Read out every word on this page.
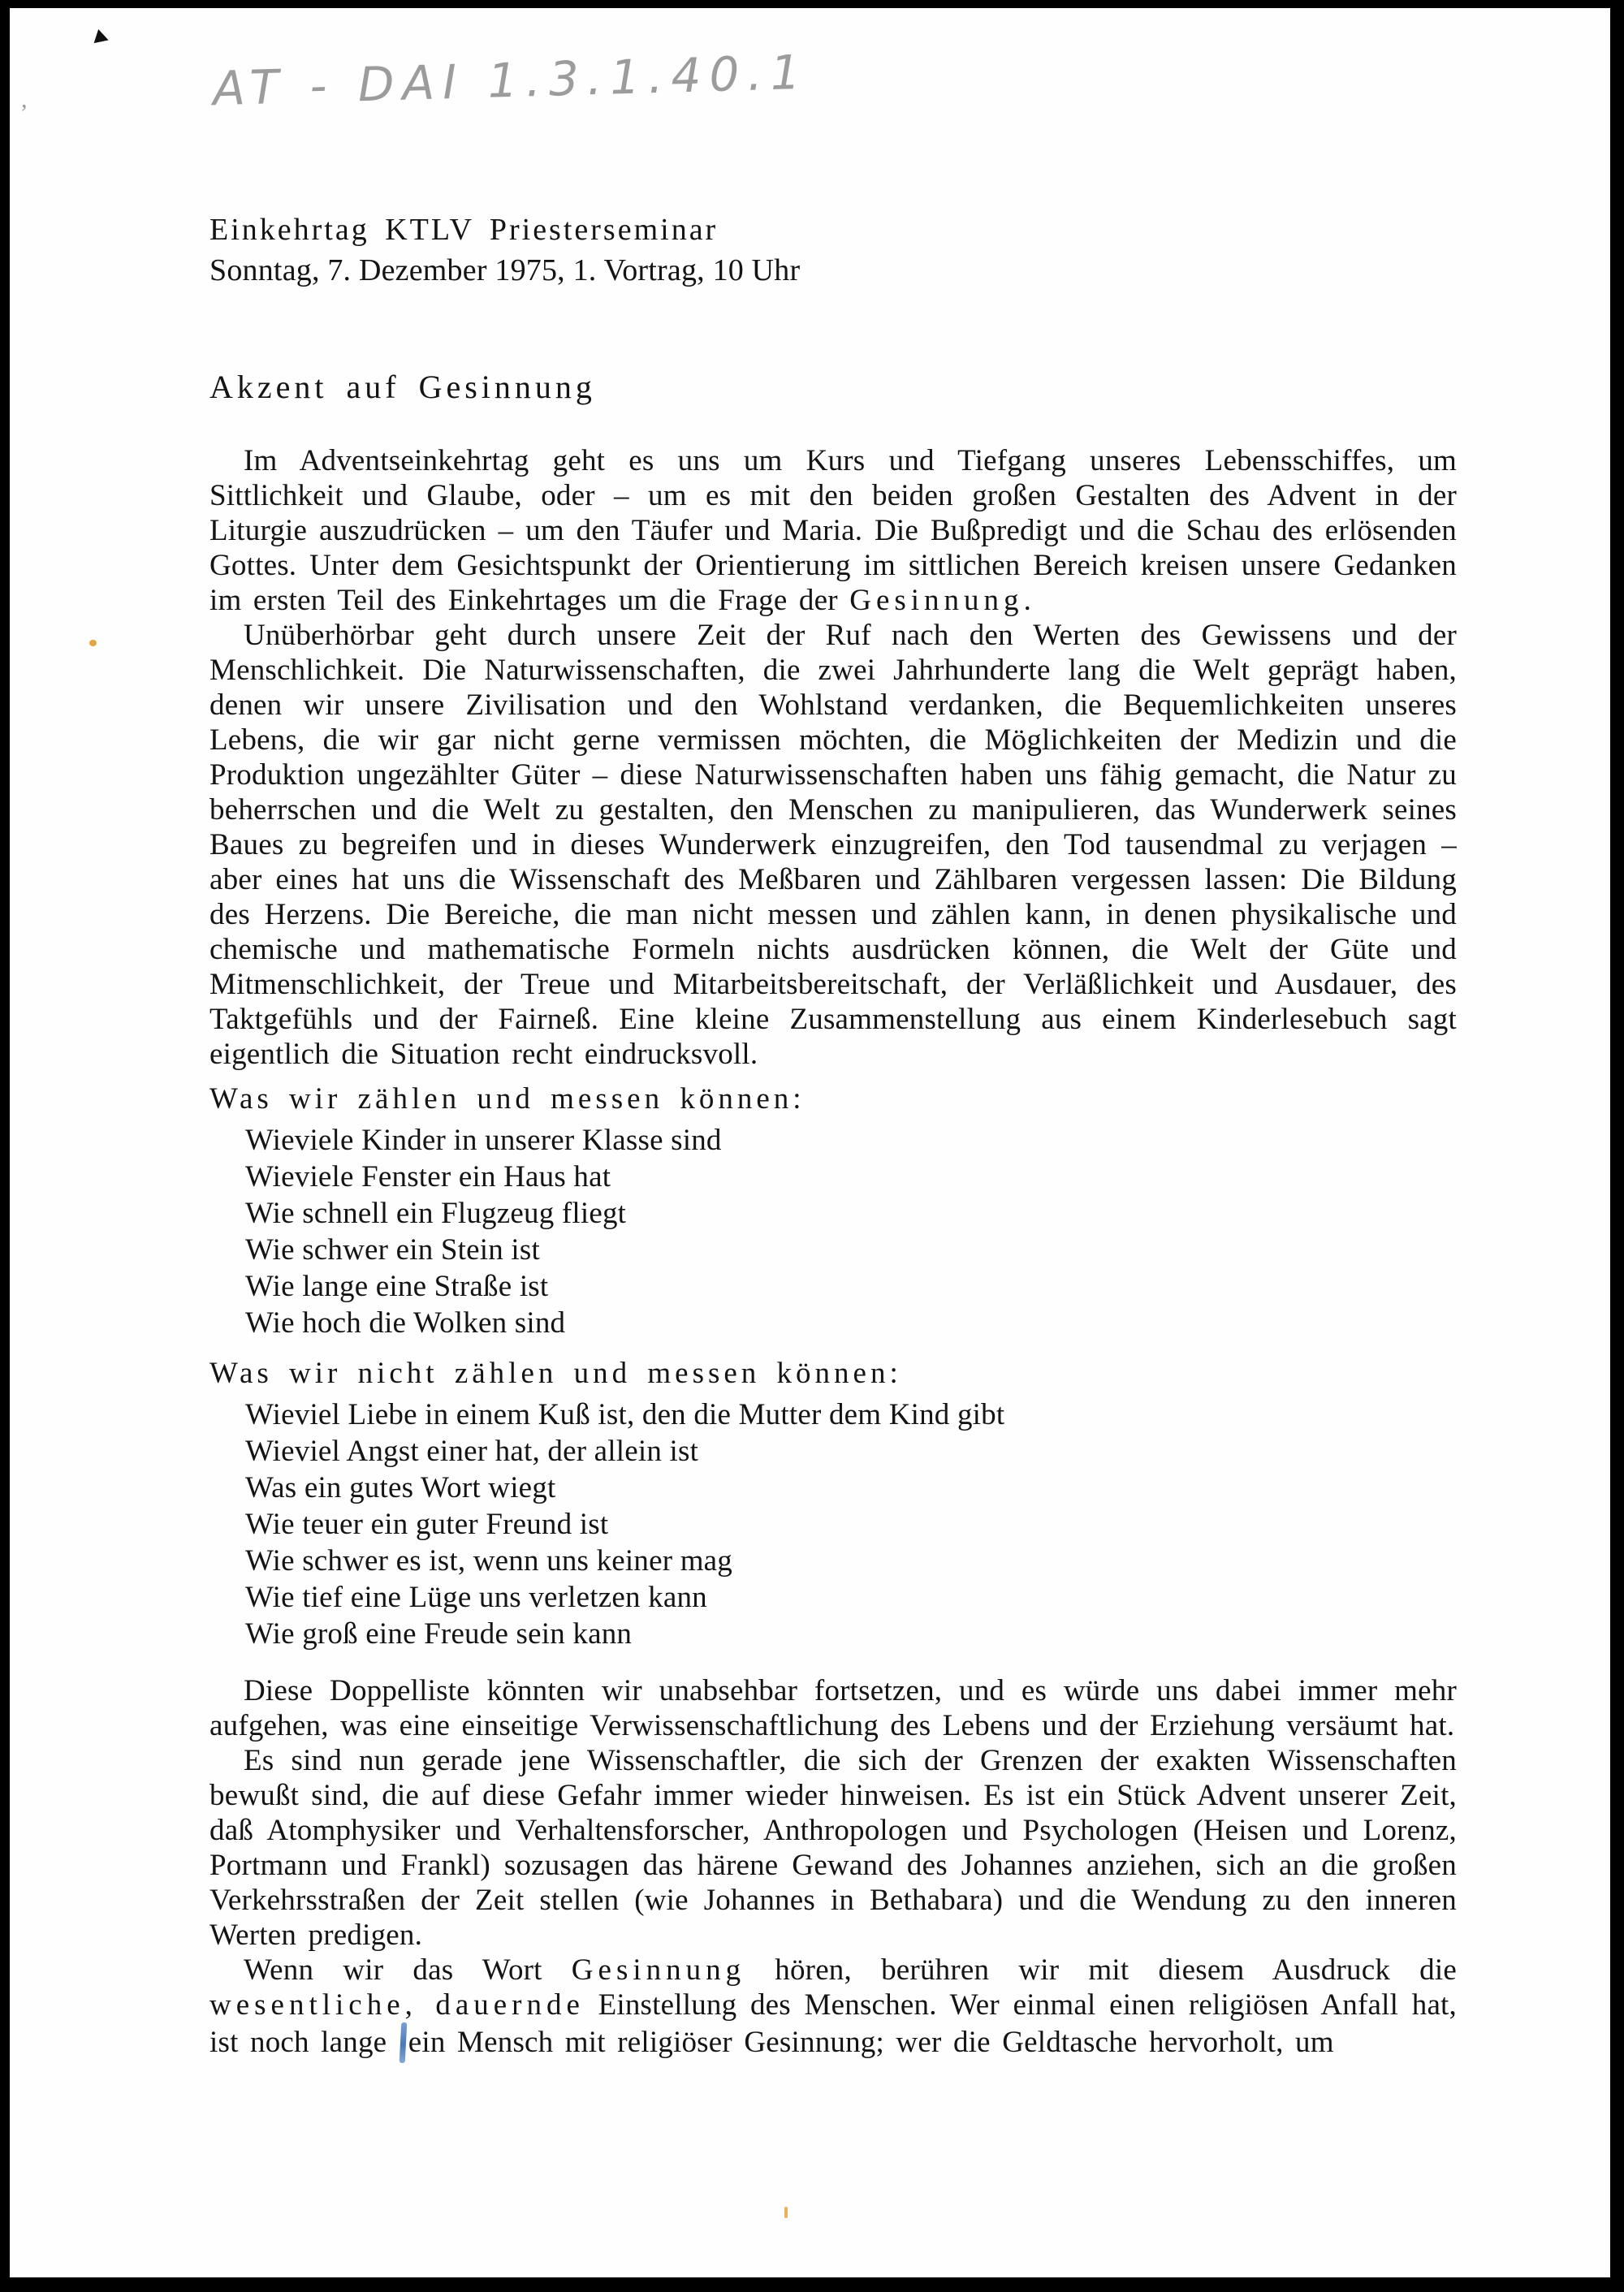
,	AT - DAI 1.3.1.40.1
Einkehrtag KTLV Priesterseminar
Sonntag, 7. Dezember 1975, 1. Vortrag, 10 Uhr
Akzent auf Gesinnung

Im Adventseinkehrtag geht es uns um Kurs und Tiefgang unseres Lebensschiffes, um Sittlichkeit und Glaube, oder – um es mit den beiden großen Gestalten des Advent in der Liturgie auszudrücken – um den Täufer und Maria. Die Bußpredigt und die Schau des erlösenden Gottes. Unter dem Gesichtspunkt der Orientierung im sittlichen Bereich kreisen unsere Gedanken im ersten Teil des Einkehrtages um die Frage der Gesinnung.

Unüberhörbar geht durch unsere Zeit der Ruf nach den Werten des Gewissens und der Menschlichkeit. Die Naturwissenschaften, die zwei Jahrhunderte lang die Welt geprägt haben, denen wir unsere Zivilisation und den Wohlstand verdanken, die Bequemlichkeiten unseres Lebens, die wir gar nicht gerne vermissen möchten, die Möglichkeiten der Medizin und die Produktion ungezählter Güter – diese Naturwissenschaften haben uns fähig gemacht, die Natur zu beherrschen und die Welt zu gestalten, den Menschen zu manipulieren, das Wunderwerk seines Baues zu begreifen und in dieses Wunderwerk einzugreifen, den Tod tausendmal zu verjagen – aber eines hat uns die Wissenschaft des Meßbaren und Zählbaren vergessen lassen: Die Bildung des Herzens. Die Bereiche, die man nicht messen und zählen kann, in denen physikalische und chemische und mathematische Formeln nichts ausdrücken können, die Welt der Güte und Mitmenschlichkeit, der Treue und Mitarbeitsbereitschaft, der Verläßlichkeit und Ausdauer, des Taktgefühls und der Fairneß. Eine kleine Zusammenstellung aus einem Kinderlesebuch sagt eigentlich die Situation recht eindrucksvoll.

Was wir zählen und messen können:
Wieviele Kinder in unserer Klasse sind
Wieviele Fenster ein Haus hat
Wie schnell ein Flugzeug fliegt
Wie schwer ein Stein ist
Wie lange eine Straße ist
Wie hoch die Wolken sind
Was wir nicht zählen und messen können:
Wieviel Liebe in einem Kuß ist, den die Mutter dem Kind gibt
Wieviel Angst einer hat, der allein ist
Was ein gutes Wort wiegt
Wie teuer ein guter Freund ist
Wie schwer es ist, wenn uns keiner mag
Wie tief eine Lüge uns verletzen kann
Wie groß eine Freude sein kann

Diese Doppelliste könnten wir unabsehbar fortsetzen, und es würde uns dabei immer mehr aufgehen, was eine einseitige Verwissenschaftlichung des Lebens und der Erziehung versäumt hat.

Es sind nun gerade jene Wissenschaftler, die sich der Grenzen der exakten Wissenschaften bewußt sind, die auf diese Gefahr immer wieder hinweisen. Es ist ein Stück Advent unserer Zeit, daß Atomphysiker und Verhaltensforscher, Anthropologen und Psychologen (Heisen und Lorenz, Portmann und Frankl) sozusagen das härene Gewand des Johannes anziehen, sich an die großen Verkehrsstraßen der Zeit stellen (wie Johannes in Bethabara) und die Wendung zu den inneren Werten predigen.

Wenn wir das Wort Gesinnung hören, berühren wir mit diesem Ausdruck die wesentliche, dauernde Einstellung des Menschen. Wer einmal einen religiösen Anfall hat, ist noch lange ein Mensch mit religiöser Gesinnung; wer die Geldtasche hervorholt, um
